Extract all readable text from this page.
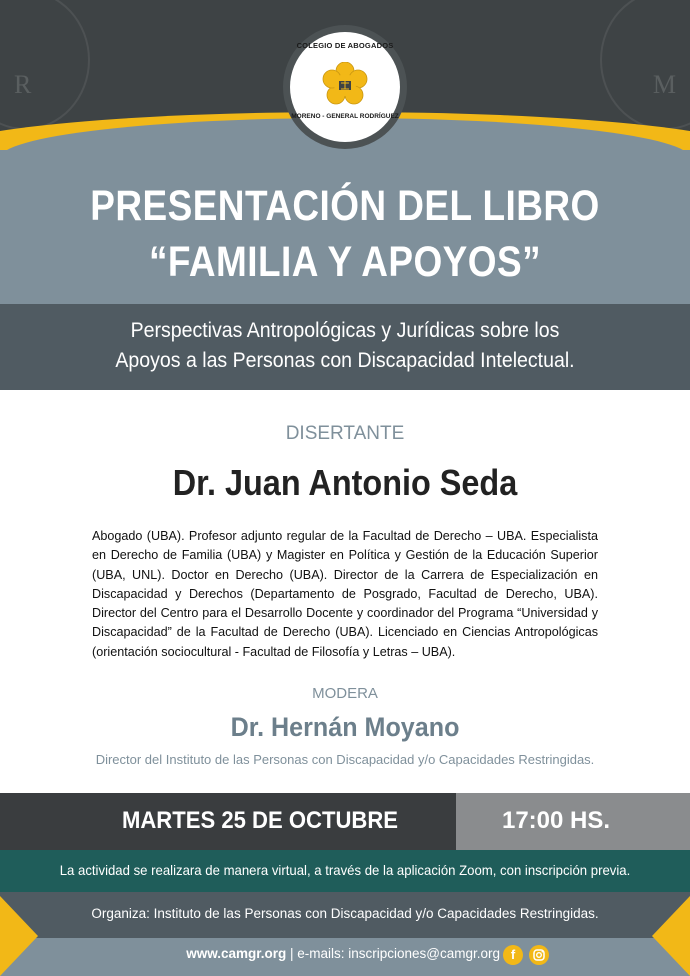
R	M
COLEGIO DE ABOGADOS
MORENO - GENERAL RODRÍGUEZ
PRESENTACIÓN DEL LIBRO
“FAMILIA Y APOYOS”
Perspectivas Antropológicas y Jurídicas sobre los
Apoyos a las Personas con Discapacidad Intelectual.
DISERTANTE
Dr. Juan Antonio Seda
Abogado (UBA). Profesor adjunto regular de la Facultad de Derecho – UBA. Especialista en Derecho de Familia (UBA) y Magister en Política y Gestión de la Educación Superior (UBA, UNL). Doctor en Derecho (UBA). Director de la Carrera de Especialización en Discapacidad y Derechos (Departamento de Posgrado, Facultad de Derecho, UBA). Director del Centro para el Desarrollo Docente y coordinador del Programa “Universidad y Discapacidad” de la Facultad de Derecho (UBA). Licenciado en Ciencias Antropológicas (orientación sociocultural - Facultad de Filosofía y Letras – UBA).
MODERA
Dr. Hernán Moyano
Director del Instituto de las Personas con Discapacidad y/o Capacidades Restringidas.
MARTES 25 DE OCTUBRE	17:00 HS.
La actividad se realizara de manera virtual, a través de la aplicación Zoom, con inscripción previa.
Organiza: Instituto de las Personas con Discapacidad y/o Capacidades Restringidas.
www.camgr.org | e-mails: inscripciones@camgr.org f
